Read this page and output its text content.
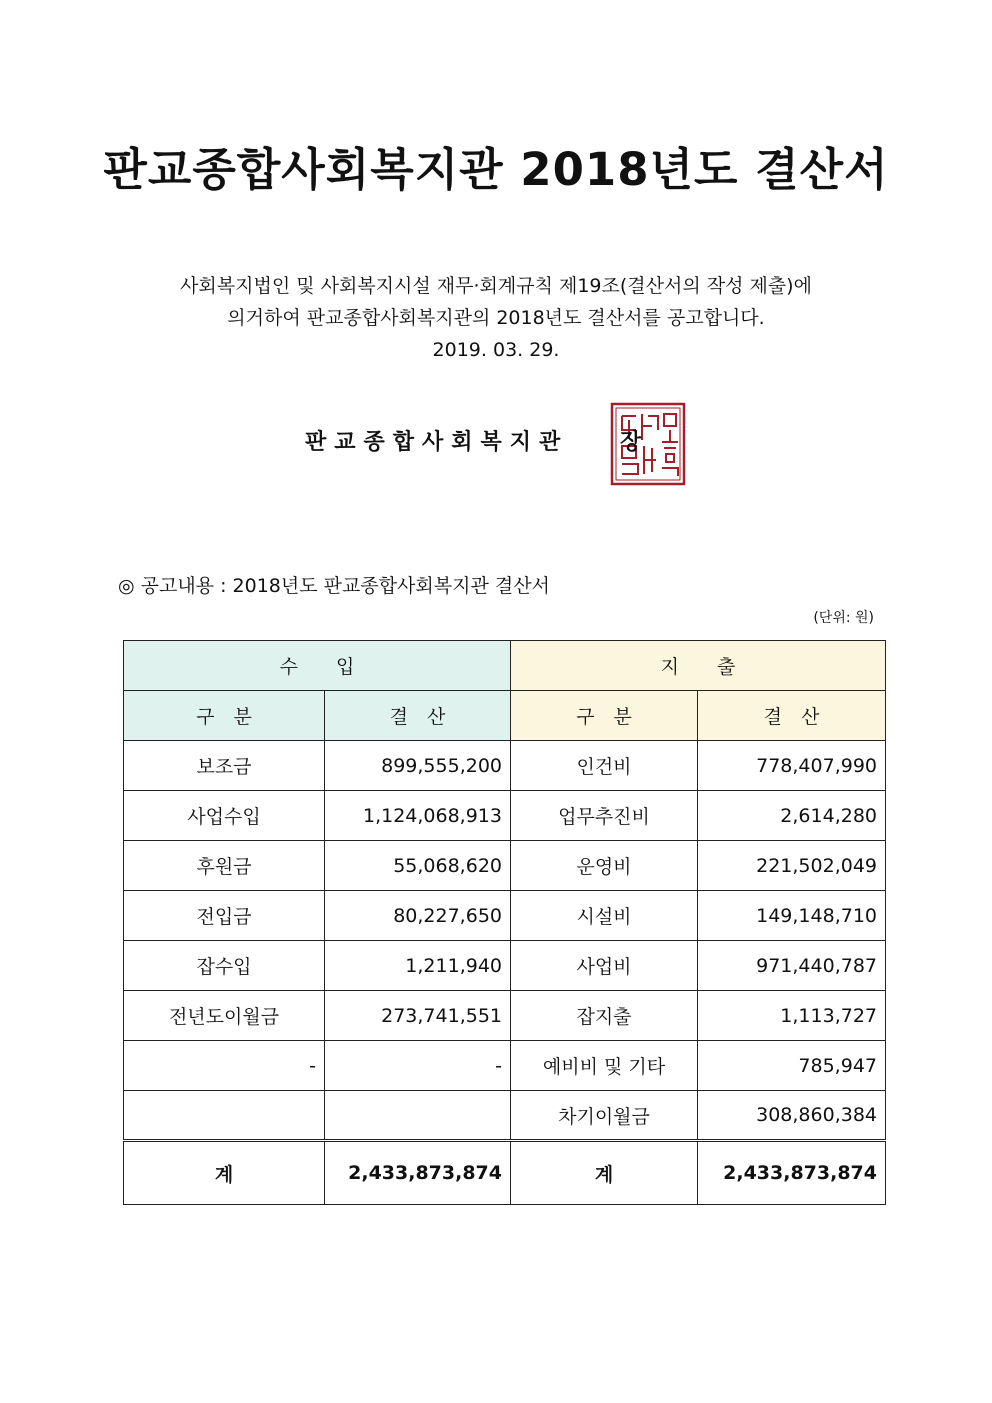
판교종합사회복지관 2018년도 결산서
사회복지법인 및 사회복지시설 재무·회계규칙 제19조(결산서의 작성 제출)에
의거하여 판교종합사회복지관의 2018년도 결산서를 공고합니다.
2019. 03. 29.
판교종합사회복지관 장
◎ 공고내용 : 2018년도 판교종합사회복지관 결산서
(단위: 원)
수　　입		지　　출	
구　분	결　산	구　분	결　산
보조금	899,555,200	인건비	778,407,990
사업수입	1,124,068,913	업무추진비	2,614,280
후원금	55,068,620	운영비	221,502,049
전입금	80,227,650	시설비	149,148,710
잡수입	1,211,940	사업비	971,440,787
전년도이월금	273,741,551	잡지출	1,113,727
-	-	예비비 및 기타	785,947
		차기이월금	308,860,384
계	2,433,873,874	계	2,433,873,874
